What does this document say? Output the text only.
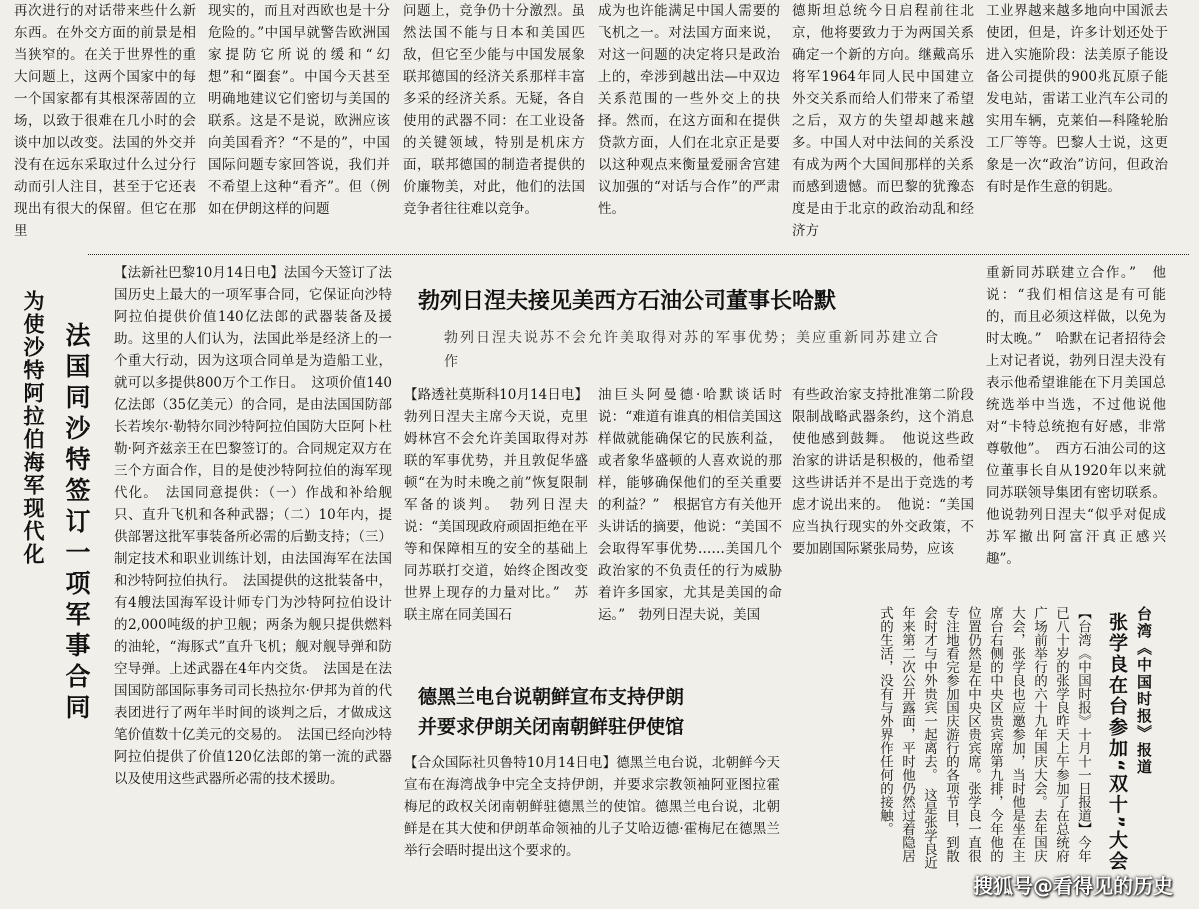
再次进行的对话带来些什么新东西。在外交方面的前景是相当狭窄的。在关于世界性的重大问题上，这两个国家中的每一个国家都有其根深蒂固的立场，以致于很难在几小时的会谈中加以改变。法国的外交并没有在远东采取过什么过分行动而引人注目，甚至于它还表现出有很大的保留。但它在那里
现实的，而且对西欧也是十分危险的。”中国早就警告欧洲国家提防它所说的缓和“幻想”和“圈套”。中国今天甚至明确地建议它们密切与美国的联系。这是不是说，欧洲应该向美国看齐？“不是的”，中国国际问题专家回答说，我们并不希望上这种“看齐”。但（例如在伊朗这样的问题
问题上，竞争仍十分激烈。虽然法国不能与日本和美国匹敌，但它至少能与中国发展象联邦德国的经济关系那样丰富多采的经济关系。无疑，各自使用的武器不同：在工业设备的关键领域，特别是机床方面，联邦德国的制造者提供的价廉物美，对此，他们的法国竞争者往往难以竞争。
成为也许能满足中国人需要的飞机之一。对法国方面来说，对这一问题的决定将只是政治上的，牵涉到越出法—中双边关系范围的一些外交上的抉择。然而，在这方面和在提供贷款方面，人们在北京正是要以这种观点来衡量爱丽舍宫建议加强的“对话与合作”的严肃性。
德斯坦总统今日启程前往北京，他将要致力于为两国关系确定一个新的方向。继戴高乐将军1964年同人民中国建立外交关系而给人们带来了希望之后，双方的失望却越来越多。中国人对中法间的关系没有成为两个大国间那样的关系而感到遗憾。而巴黎的犹豫态度是由于北京的政治动乱和经济方
工业界越来越多地向中国派去使团，但是，许多计划还处于进入实施阶段：法美原子能设备公司提供的900兆瓦原子能发电站，雷诺工业汽车公司的实用车辆，克莱伯—科隆轮胎工厂等等。巴黎人士说，这更象是一次“政治”访问，但政治有时是作生意的钥匙。
为使沙特阿拉伯海军现代化 法国同沙特签订一项军事合同
【法新社巴黎10月14日电】法国今天签订了法国历史上最大的一项军事合同，它保证向沙特阿拉伯提供价值140亿法郎的武器装备及援助。这里的人们认为，法国此举是经济上的一个重大行动，因为这项合同单是为造船工业，就可以多提供800万个工作日。　这项价值140亿法郎（35亿美元）的合同，是由法国国防部长若埃尔·勒特尔同沙特阿拉伯国防大臣阿卜杜勒·阿齐兹亲王在巴黎签订的。合同规定双方在三个方面合作，目的是使沙特阿拉伯的海军现代化。　法国同意提供：（一）作战和补给舰只、直升飞机和各种武器；（二）10年内，提供部署这批军事装备所必需的后勤支持；（三）制定技术和职业训练计划，由法国海军在法国和沙特阿拉伯执行。　法国提供的这批装备中，有4艘法国海军设计师专门为沙特阿拉伯设计的2,000吨级的护卫舰；两条为舰只提供燃料的油轮，“海豚式”直升飞机；舰对舰导弹和防空导弹。上述武器在4年内交货。　法国是在法国国防部国际事务司司长热拉尔·伊邦为首的代表团进行了两年半时间的谈判之后，才做成这笔价值数十亿美元的交易的。　法国已经向沙特阿拉伯提供了价值120亿法郎的第一流的武器以及使用这些武器所必需的技术援助。
勃列日涅夫接见美西方石油公司董事长哈默
勃列日涅夫说苏不会允许美取得对苏的军事优势；美应重新同苏建立合作
【路透社莫斯科10月14日电】勃列日涅夫主席今天说，克里姆林宫不会允许美国取得对苏联的军事优势，并且敦促华盛顿“在为时未晚之前”恢复限制军备的谈判。　勃列日涅夫说：“美国现政府顽固拒绝在平等和保障相互的安全的基础上同苏联打交道，始终企图改变世界上现存的力量对比。”　苏联主席在同美国石
油巨头阿曼德·哈默谈话时说：“难道有谁真的相信美国这样做就能确保它的民族利益，或者象华盛顿的人喜欢说的那样，能够确保他们的至关重要的利益？”　根据官方有关他开头讲话的摘要，他说：“美国不会取得军事优势……美国几个政治家的不负责任的行为威胁着许多国家，尤其是美国的命运。”　勃列日涅夫说，美国
有些政治家支持批准第二阶段限制战略武器条约，这个消息使他感到鼓舞。　他说这些政治家的讲话是积极的，他希望这些讲话并不是出于竞选的考虑才说出来的。　他说：“美国应当执行现实的外交政策，不要加剧国际紧张局势，应该
重新同苏联建立合作。”　他说：“我们相信这是有可能的，而且必须这样做，以免为时太晚。”　哈默在记者招待会上对记者说，勃列日涅夫没有表示他希望谁能在下月美国总统选举中当选，不过他说他对“卡特总统抱有好感，非常尊敬他”。　西方石油公司的这位董事长自从1920年以来就同苏联领导集团有密切联系。他说勃列日涅夫“似乎对促成苏军撤出阿富汗真正感兴趣”。
德黑兰电台说朝鲜宣布支持伊朗
并要求伊朗关闭南朝鲜驻伊使馆
【合众国际社贝鲁特10月14日电】德黑兰电台说，北朝鲜今天宣布在海湾战争中完全支持伊朗，并要求宗教领袖阿亚图拉霍梅尼的政权关闭南朝鲜驻德黑兰的使馆。德黑兰电台说，北朝鲜是在其大使和伊朗革命领袖的儿子艾哈迈德·霍梅尼在德黑兰举行会晤时提出这个要求的。
台湾《中国时报》报道
张学良在台参加“双十”大会
【台湾《中国时报》十月十一日报道】今年已八十岁的张学良昨天上午参加了在总统府广场前举行的六十九年国庆大会。去年国庆大会，张学良也应邀参加，当时他是坐在主席台右侧的中央区贵宾席第九排，今年他的位置仍然是在中央区贵宾席。张学良一直很专注地看完参加国庆游行的各项节目，到散会时才与中外贵宾一起离去。　这是张学良近年来第二次公开露面，平时他仍然过着隐居式的生活，没有与外界作任何的接触。
搜狐号@看得见的历史
